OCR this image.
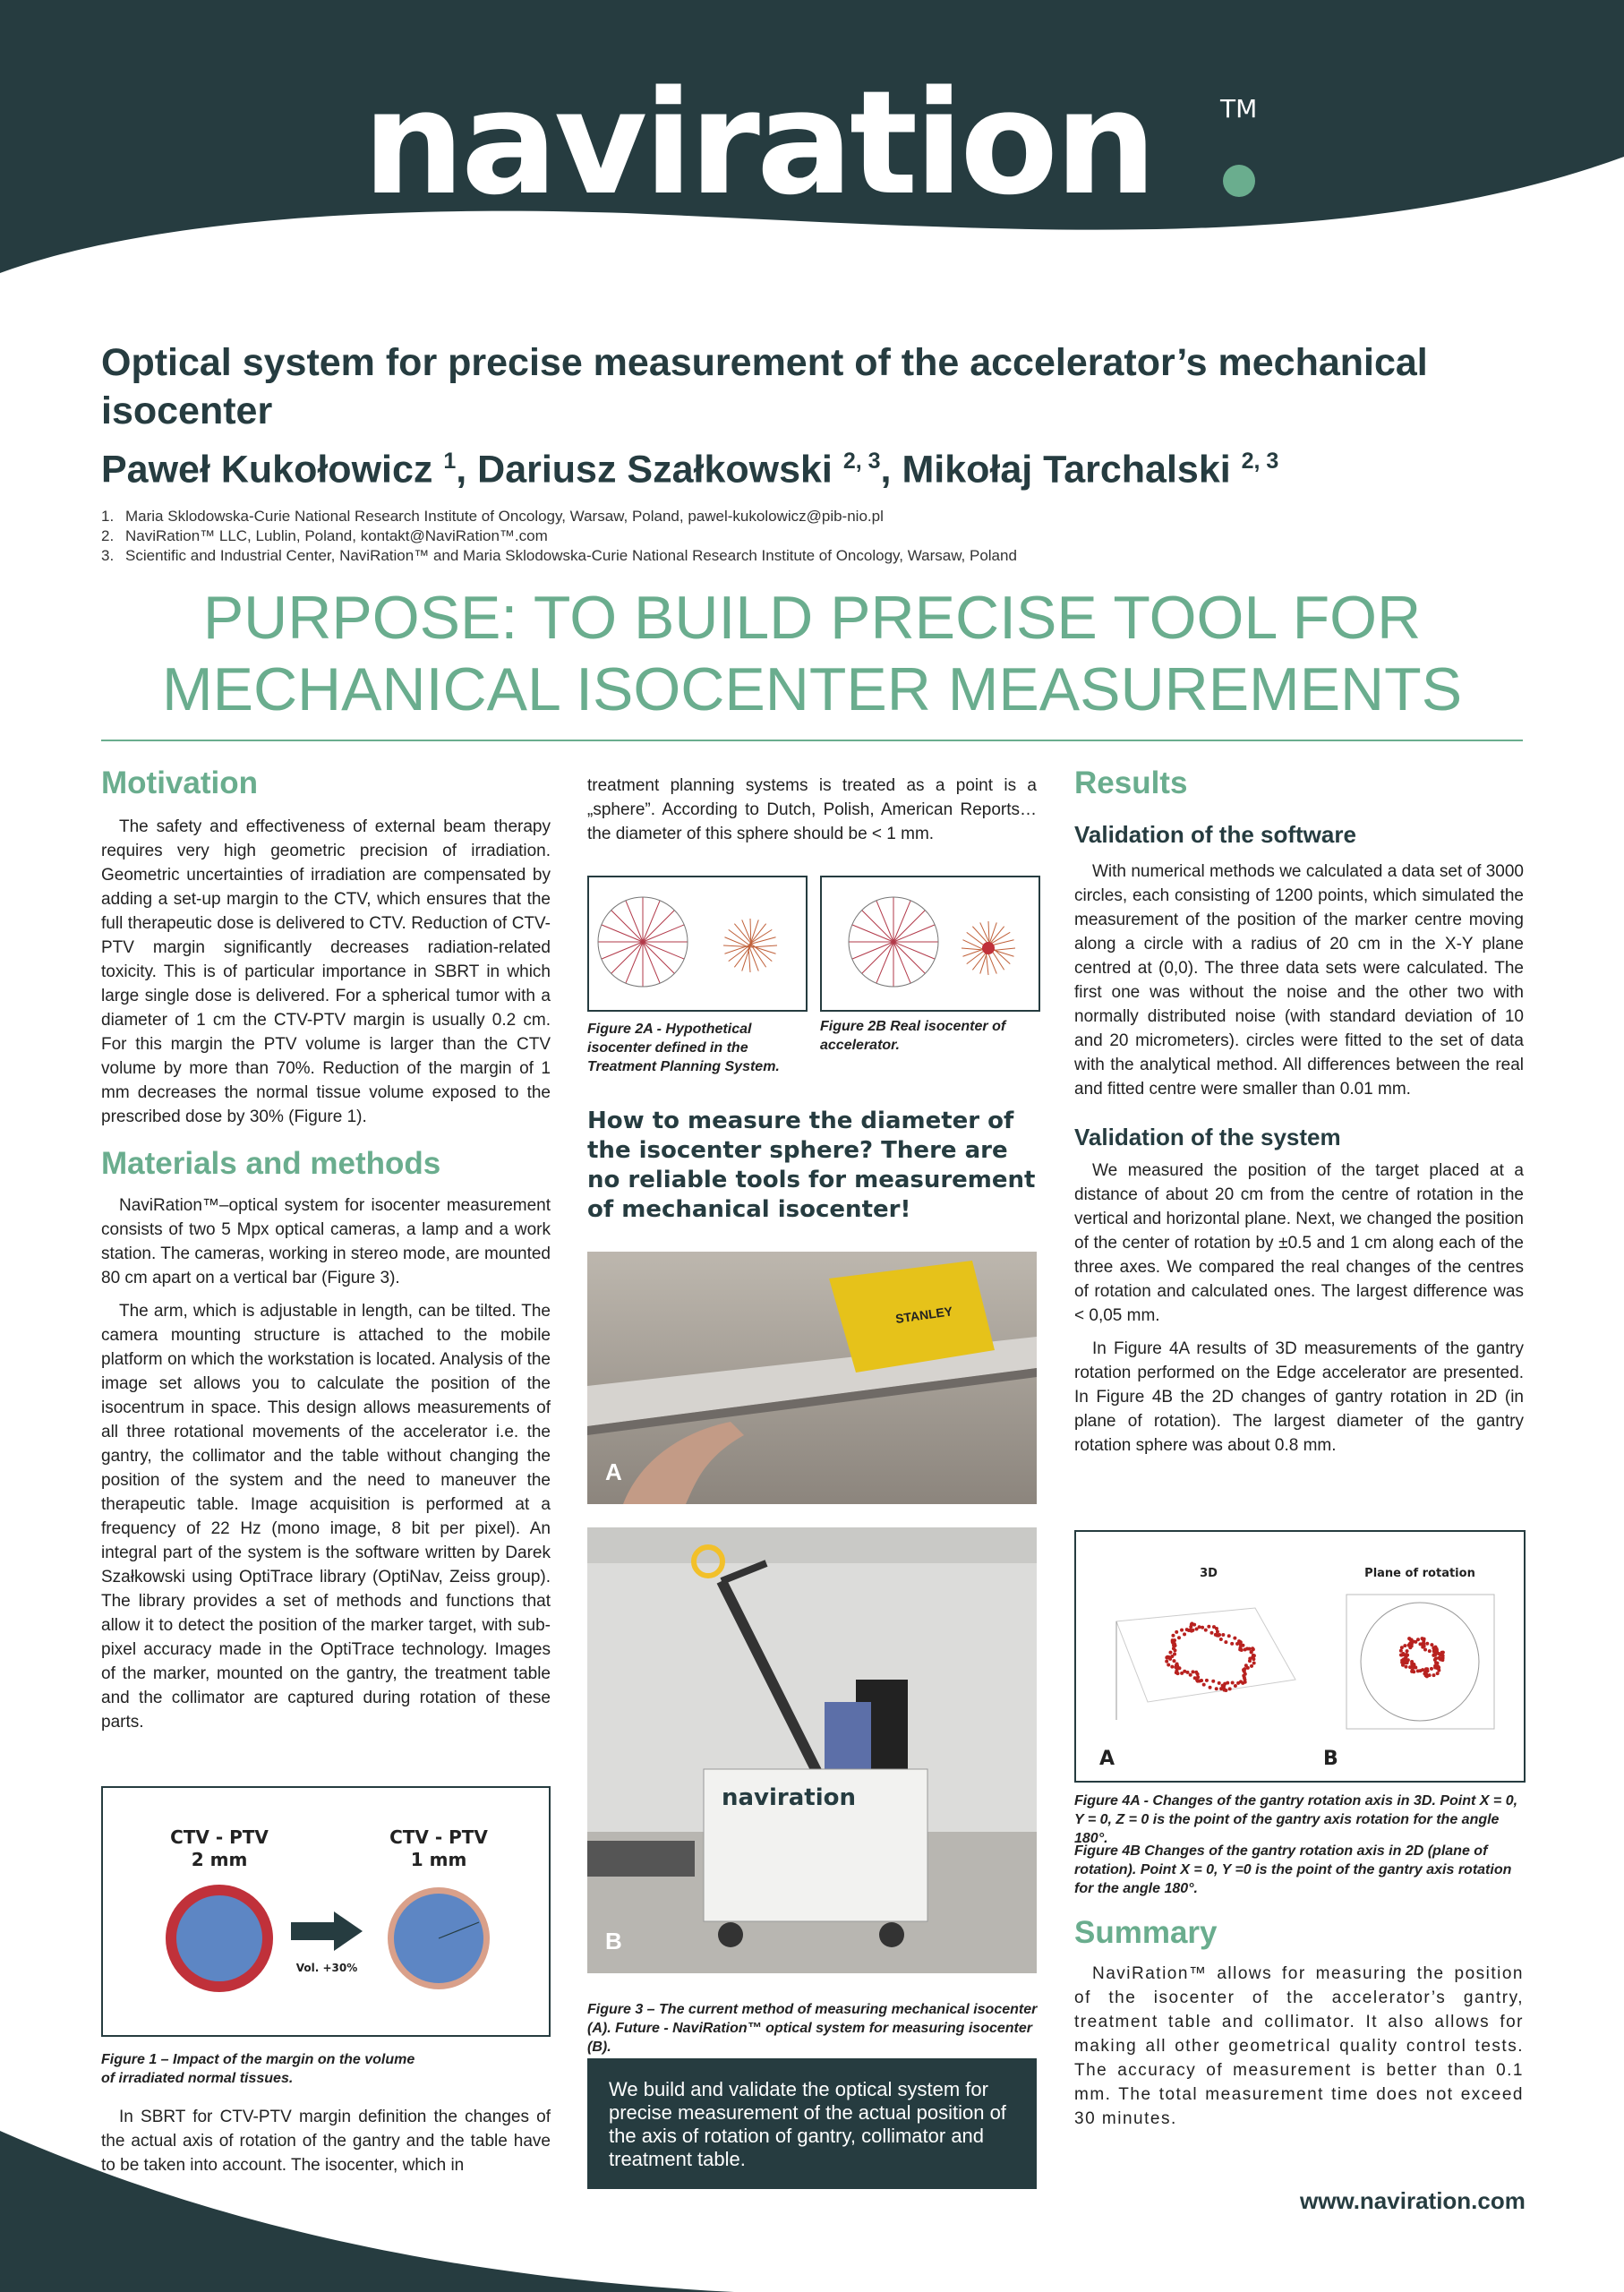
naviration	TM
Optical system for precise measurement of the accelerator’s mechanical isocenter
Paweł Kukołowicz $^1$, Dariusz Szałkowski $^{2, 3}$, Mikołaj Tarchalski $^{2, 3}$
1. Maria Sklodowska-Curie National Research Institute of Oncology, Warsaw, Poland, pawel-kukolowicz@pib-nio.pl
2. NaviRation™ LLC, Lublin, Poland, kontakt@NaviRation™.com
3. Scientific and Industrial Center, NaviRation™ and Maria Sklodowska-Curie National Research Institute of Oncology, Warsaw, Poland
PURPOSE: TO BUILD PRECISE TOOL FOR
MECHANICAL ISOCENTER MEASUREMENTS
Motivation

The safety and effectiveness of external beam therapy requires very high geometric precision of irradiation. Geometric uncertainties of irradiation are compensated by adding a set-up margin to the CTV, which ensures that the full therapeutic dose is delivered to CTV. Reduction of CTV-PTV margin significantly decreases radiation-related toxicity. This is of particular importance in SBRT in which large single dose is delivered. For a spherical tumor with a diameter of 1 cm the CTV-PTV margin is usually 0.2 cm. For this margin the PTV volume is larger than the CTV volume by more than 70%. Reduction of the margin of 1 mm decreases the normal tissue volume exposed to the prescribed dose by 30% (Figure 1).

Materials and methods

NaviRation™–optical system for isocenter measurement consists of two 5 Mpx optical cameras, a lamp and a work station. The cameras, working in stereo mode, are mounted 80 cm apart on a vertical bar (Figure 3).

The arm, which is adjustable in length, can be tilted. The camera mounting structure is attached to the mobile platform on which the workstation is located. Analysis of the image set allows you to calculate the position of the isocentrum in space. This design allows measurements of all three rotational movements of the accelerator i.e. the gantry, the collimator and the table without changing the position of the system and the need to maneuver the therapeutic table. Image acquisition is performed at a frequency of 22 Hz (mono image, 8 bit per pixel). An integral part of the system is the software written by Darek Szałkowski using OptiTrace library (OptiNav, Zeiss group). The library provides a set of methods and functions that allow it to detect the position of the marker target, with sub-pixel accuracy made in the OptiTrace technology. Images of the marker, mounted on the gantry, the treatment table and the collimator are captured during rotation of these parts.

CTV - PTV
2 mm
CTV - PTV
1 mm
Vol. +30%
Figure 1 – Impact of the margin on the volume
of irradiated normal tissues.

In SBRT for CTV-PTV margin definition the changes of the actual axis of rotation of the gantry and the table have to be taken into account. The isocenter, which in

treatment planning systems is treated as a point is a „sphere”. According to Dutch, Polish, American Reports… the diameter of this sphere should be < 1 mm.

Figure 2A - Hypothetical isocenter defined in the Treatment Planning System.
Figure 2B Real isocenter of accelerator.
How to measure the diameter of the isocenter sphere? There are no reliable tools for measurement of mechanical isocenter!
STANLEY
A
naviration
B
Figure 3 – The current method of measuring mechanical isocenter (A). Future - NaviRation™ optical system for measuring isocenter (B).
We build and validate the optical system for precise measurement of the actual position of the axis of rotation of gantry, collimator and treatment table.
Results
Validation of the software

With numerical methods we calculated a data set of 3000 circles, each consisting of 1200 points, which simulated the measurement of the position of the marker centre moving along a circle with a radius of 20 cm in the X-Y plane centred at (0,0). The three data sets were calculated. The first one was without the noise and the other two with normally distributed noise (with standard deviation of 10 and 20 micrometers). circles were fitted to the set of data with the analytical method. All differences between the real and fitted centre were smaller than 0.01 mm.

Validation of the system

We measured the position of the target placed at a distance of about 20 cm from the centre of rotation in the vertical and horizontal plane. Next, we changed the position of the center of rotation by ±0.5 and 1 cm along each of the three axes. We compared the real changes of the centres of rotation and calculated ones. The largest difference was < 0,05 mm.

In Figure 4A results of 3D measurements of the gantry rotation performed on the Edge accelerator are presented. In Figure 4B the 2D changes of gantry rotation in 2D (in plane of rotation). The largest diameter of the gantry rotation sphere was about 0.8 mm.

3D	Plane of rotation
A	B
Figure 4A - Changes of the gantry rotation axis in 3D. Point X = 0, Y = 0, Z = 0 is the point of the gantry axis rotation for the angle 180°.
Figure 4B Changes of the gantry rotation axis in 2D (plane of rotation). Point X = 0, Y =0 is the point of the gantry axis rotation for the angle 180°.
Summary

NaviRation™ allows for measuring the position of the isocenter of the accelerator’s gantry, treatment table and collimator. It also allows for making all other geometrical quality control tests. The accuracy of measurement is better than 0.1 mm. The total measurement time does not exceed 30 minutes.

www.naviration.com
